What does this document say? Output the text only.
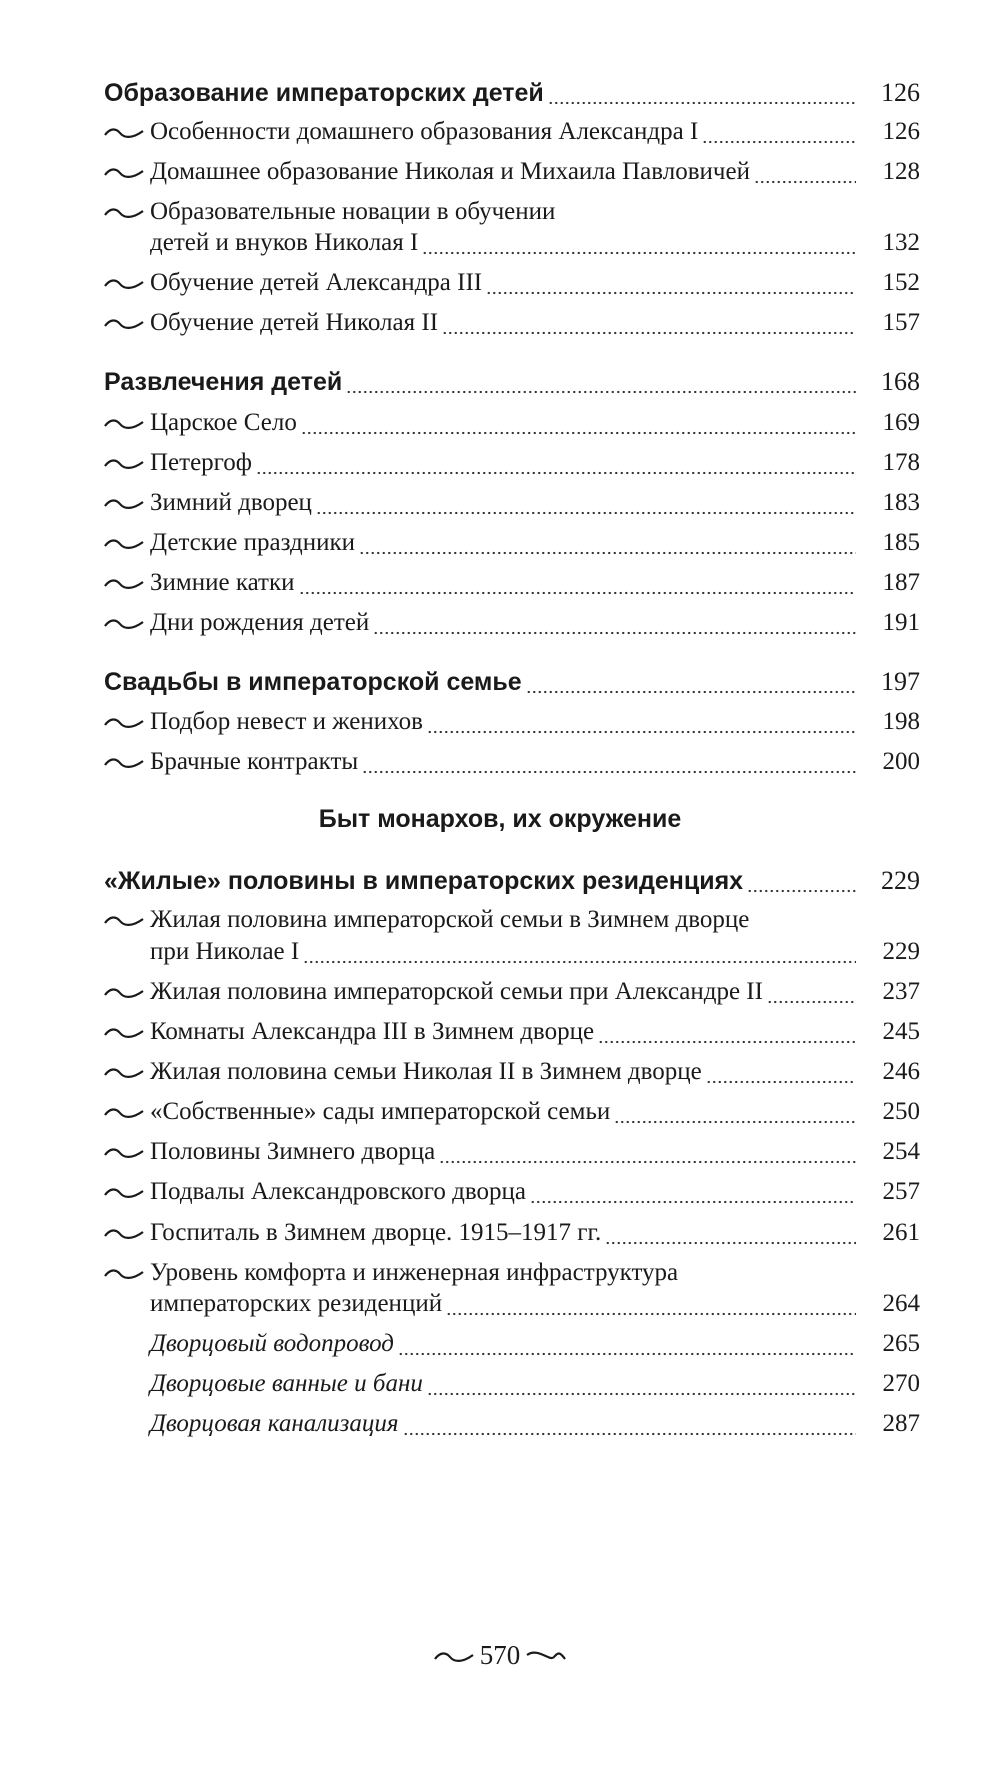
Образование императорских детей	126
Особенности домашнего образования Александра I	126
Домашнее образование Николая и Михаила Павловичей	128
Образовательные новации в обучении
детей и внуков Николая I	132
Обучение детей Александра III	152
Обучение детей Николая II	157
Развлечения детей	168
Царское Село	169
Петергоф	178
Зимний дворец	183
Детские праздники	185
Зимние катки	187
Дни рождения детей	191
Свадьбы в императорской семье	197
Подбор невест и женихов	198
Брачные контракты	200
Быт монархов, их окружение
«Жилые» половины в императорских резиденциях	229
Жилая половина императорской семьи в Зимнем дворце
при Николае I	229
Жилая половина императорской семьи при Александре II	237
Комнаты Александра III в Зимнем дворце	245
Жилая половина семьи Николая II в Зимнем дворце	246
«Собственные» сады императорской семьи	250
Половины Зимнего дворца	254
Подвалы Александровского дворца	257
Госпиталь в Зимнем дворце. 1915–1917 гг.	261
Уровень комфорта и инженерная инфраструктура
императорских резиденций	264
Дворцовый водопровод	265
Дворцовые ванные и бани	270
Дворцовая канализация	287
570
